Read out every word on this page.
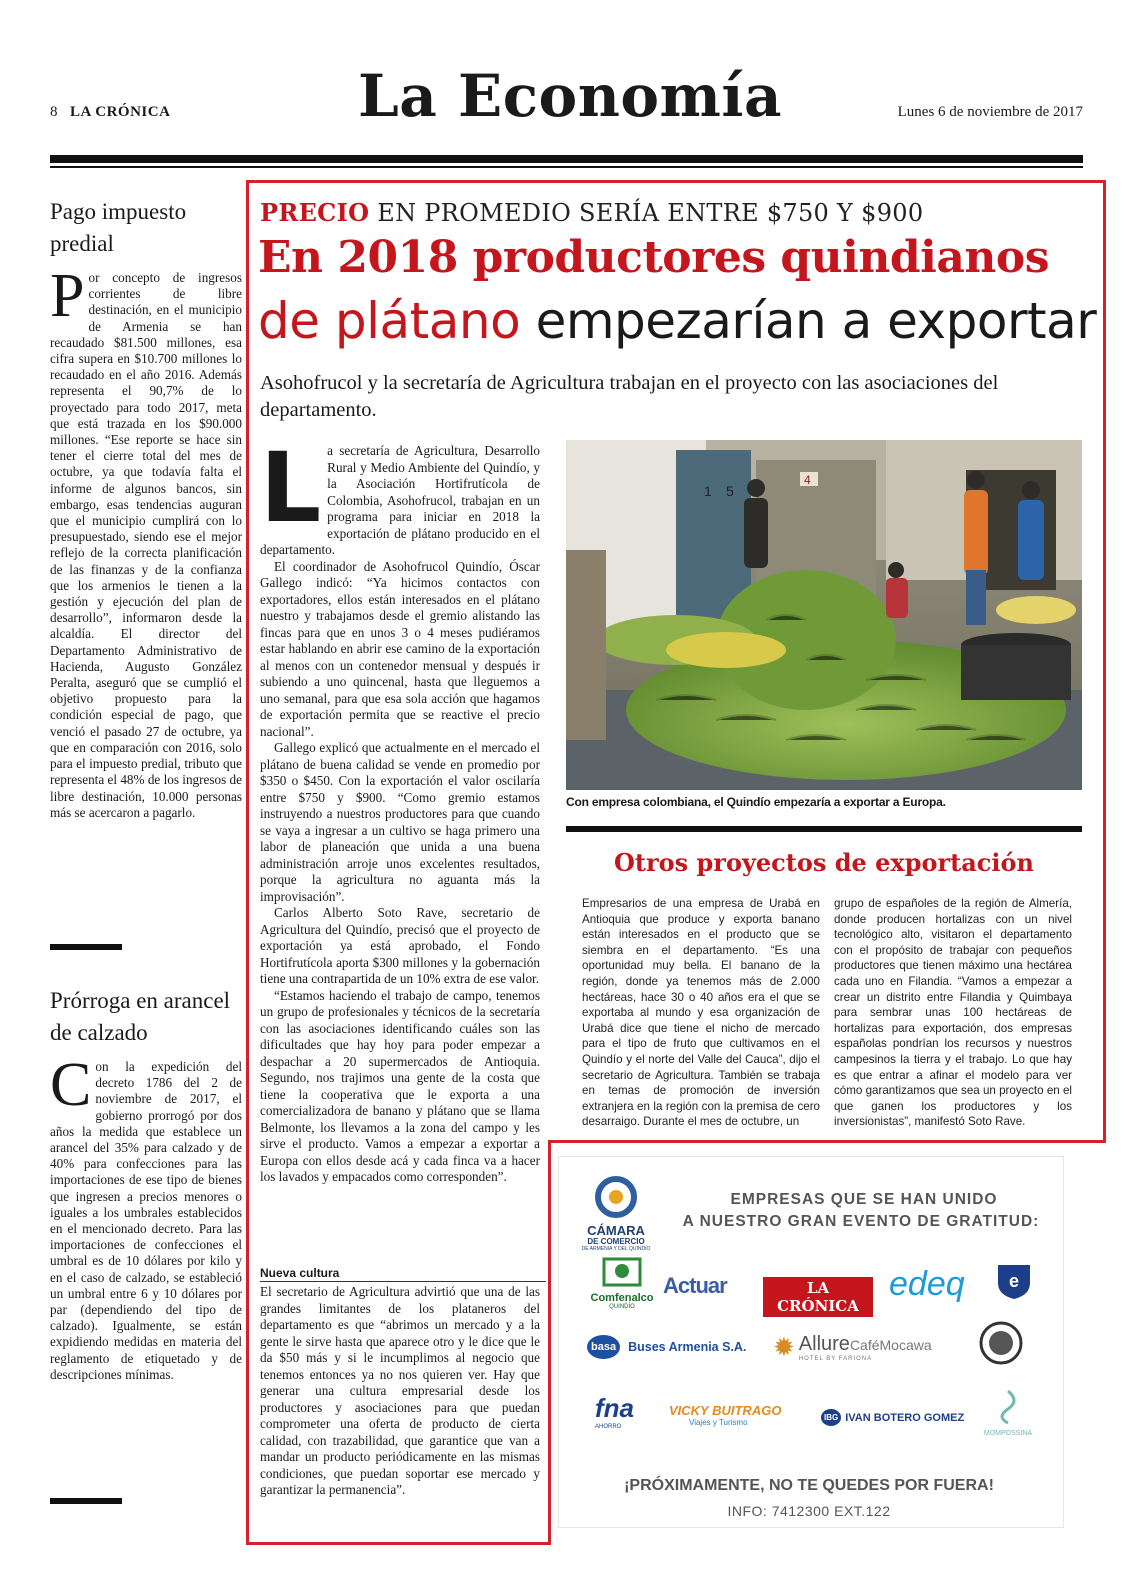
8 LA CRÓNICA	La Economía	Lunes 6 de noviembre de 2017
Pago impuesto predial
Por concepto de ingresos corrientes de libre destinación, en el municipio de Armenia se han recaudado $81.500 millones, esa cifra supera en $10.700 millones lo recaudado en el año 2016. Además representa el 90,7% de lo proyectado para todo 2017, meta que está trazada en los $90.000 millones. “Ese reporte se hace sin tener el cierre total del mes de octubre, ya que todavía falta el informe de algunos bancos, sin embargo, esas tendencias auguran que el municipio cumplirá con lo presupuestado, siendo ese el mejor reflejo de la correcta planificación de las finanzas y de la confianza que los armenios le tienen a la gestión y ejecución del plan de desarrollo”, informaron desde la alcaldía. El director del Departamento Administrativo de Hacienda, Augusto González Peralta, aseguró que se cumplió el objetivo propuesto para la condición especial de pago, que venció el pasado 27 de octubre, ya que en comparación con 2016, solo para el impuesto predial, tributo que representa el 48% de los ingresos de libre destinación, 10.000 personas más se acercaron a pagarlo.
Prórroga en arancel de calzado
Con la expedición del decreto 1786 del 2 de noviembre de 2017, el gobierno prorrogó por dos años la medida que establece un arancel del 35% para calzado y de 40% para confecciones para las importaciones de ese tipo de bienes que ingresen a precios menores o iguales a los umbrales establecidos en el mencionado decreto. Para las importaciones de confecciones el umbral es de 10 dólares por kilo y en el caso de calzado, se estableció un umbral entre 6 y 10 dólares por par (dependiendo del tipo de calzado). Igualmente, se están expidiendo medidas en materia del reglamento de etiquetado y de descripciones mínimas.
PRECIO EN PROMEDIO SERÍA ENTRE $750 Y $900
En 2018 productores quindianos
de plátano empezarían a exportar
Asohofrucol y la secretaría de Agricultura trabajan en el proyecto con las asociaciones del departamento.

La secretaría de Agricultura, Desarrollo Rural y Medio Ambiente del Quindío, y la Asociación Hortifrutícola de Colombia, Asohofrucol, trabajan en un programa para iniciar en 2018 la exportación de plátano producido en el departamento.

El coordinador de Asohofrucol Quindío, Óscar Gallego indicó: “Ya hicimos contactos con exportadores, ellos están interesados en el plátano nuestro y trabajamos desde el gremio alistando las fincas para que en unos 3 o 4 meses pudiéramos estar hablando en abrir ese camino de la exportación al menos con un contenedor mensual y después ir subiendo a uno quincenal, hasta que lleguemos a uno semanal, para que esa sola acción que hagamos de exportación permita que se reactive el precio nacional”.

Gallego explicó que actualmente en el mercado el plátano de buena calidad se vende en promedio por $350 o $450. Con la exportación el valor oscilaría entre $750 y $900. “Como gremio estamos instruyendo a nuestros productores para que cuando se vaya a ingresar a un cultivo se haga primero una labor de planeación que unida a una buena administración arroje unos excelentes resultados, porque la agricultura no aguanta más la improvisación”.

Carlos Alberto Soto Rave, secretario de Agricultura del Quindío, precisó que el proyecto de exportación ya está aprobado, el Fondo Hortifrutícola aporta $300 millones y la gobernación tiene una contrapartida de un 10% extra de ese valor.

“Estamos haciendo el trabajo de campo, tenemos un grupo de profesionales y técnicos de la secretaría con las asociaciones identificando cuáles son las dificultades que hay hoy para poder empezar a despachar a 20 supermercados de Antioquia. Segundo, nos trajimos una gente de la costa que tiene la cooperativa que le exporta a una comercializadora de banano y plátano que se llama Belmonte, los llevamos a la zona del campo y les sirve el producto. Vamos a empezar a exportar a Europa con ellos desde acá y cada finca va a hacer los lavados y empacados como corresponden”.

Nueva cultura

El secretario de Agricultura advirtió que una de las grandes limitantes de los plataneros del departamento es que “abrimos un mercado y a la gente le sirve hasta que aparece otro y le dice que le da $50 más y si le incumplimos al negocio que tenemos entonces ya no nos quieren ver. Hay que generar una cultura empresarial desde los productores y asociaciones para que puedan comprometer una oferta de producto de cierta calidad, con trazabilidad, que garantice que van a mandar un producto periódicamente en las mismas condiciones, que puedan soportar ese mercado y garantizar la permanencia”.

1 5
4
Con empresa colombiana, el Quindío empezaría a exportar a Europa.
Otros proyectos de exportación
Empresarios de una empresa de Urabá en Antioquia que produce y exporta banano están interesados en el producto que se siembra en el departamento. “Es una oportunidad muy bella. El banano de la región, donde ya tenemos más de 2.000 hectáreas, hace 30 o 40 años era el que se exportaba al mundo y esa organización de Urabá dice que tiene el nicho de mercado para el tipo de fruto que cultivamos en el Quindío y el norte del Valle del Cauca”, dijo el secretario de Agricultura. También se trabaja en temas de promoción de inversión extranjera en la región con la premisa de cero desarraigo. Durante el mes de octubre, un
grupo de españoles de la región de Almería, donde producen hortalizas con un nivel tecnológico alto, visitaron el departamento con el propósito de trabajar con pequeños productores que tienen máximo una hectárea cada uno en Filandia. “Vamos a empezar a crear un distrito entre Filandia y Quimbaya para sembrar unas 100 hectáreas de hortalizas para exportación, dos empresas españolas pondrían los recursos y nuestros campesinos la tierra y el trabajo. Lo que hay es que entrar a afinar el modelo para ver cómo garantizamos que sea un proyecto en el que ganen los productores y los inversionistas”, manifestó Soto Rave.
CÁMARA
DE COMERCIO
DE ARMENIA Y DEL QUINDÍO
EMPRESAS QUE SE HAN UNIDO
A NUESTRO GRAN EVENTO DE GRATITUD:
Comfenalco
QUINDÍO
Actuar	LA CRÓNICA
edeq e
basa Buses Armenia S.A. ✹ AllureCaféMocawa
HOTEL BY FARIONA
fna
AHORRO
VICKY BUITRAGO
Viajes y Turismo
IBG IVAN BOTERO GOMEZ
MOMPOSSINA
¡PRÓXIMAMENTE, NO TE QUEDES POR FUERA!
INFO: 7412300 EXT.122
